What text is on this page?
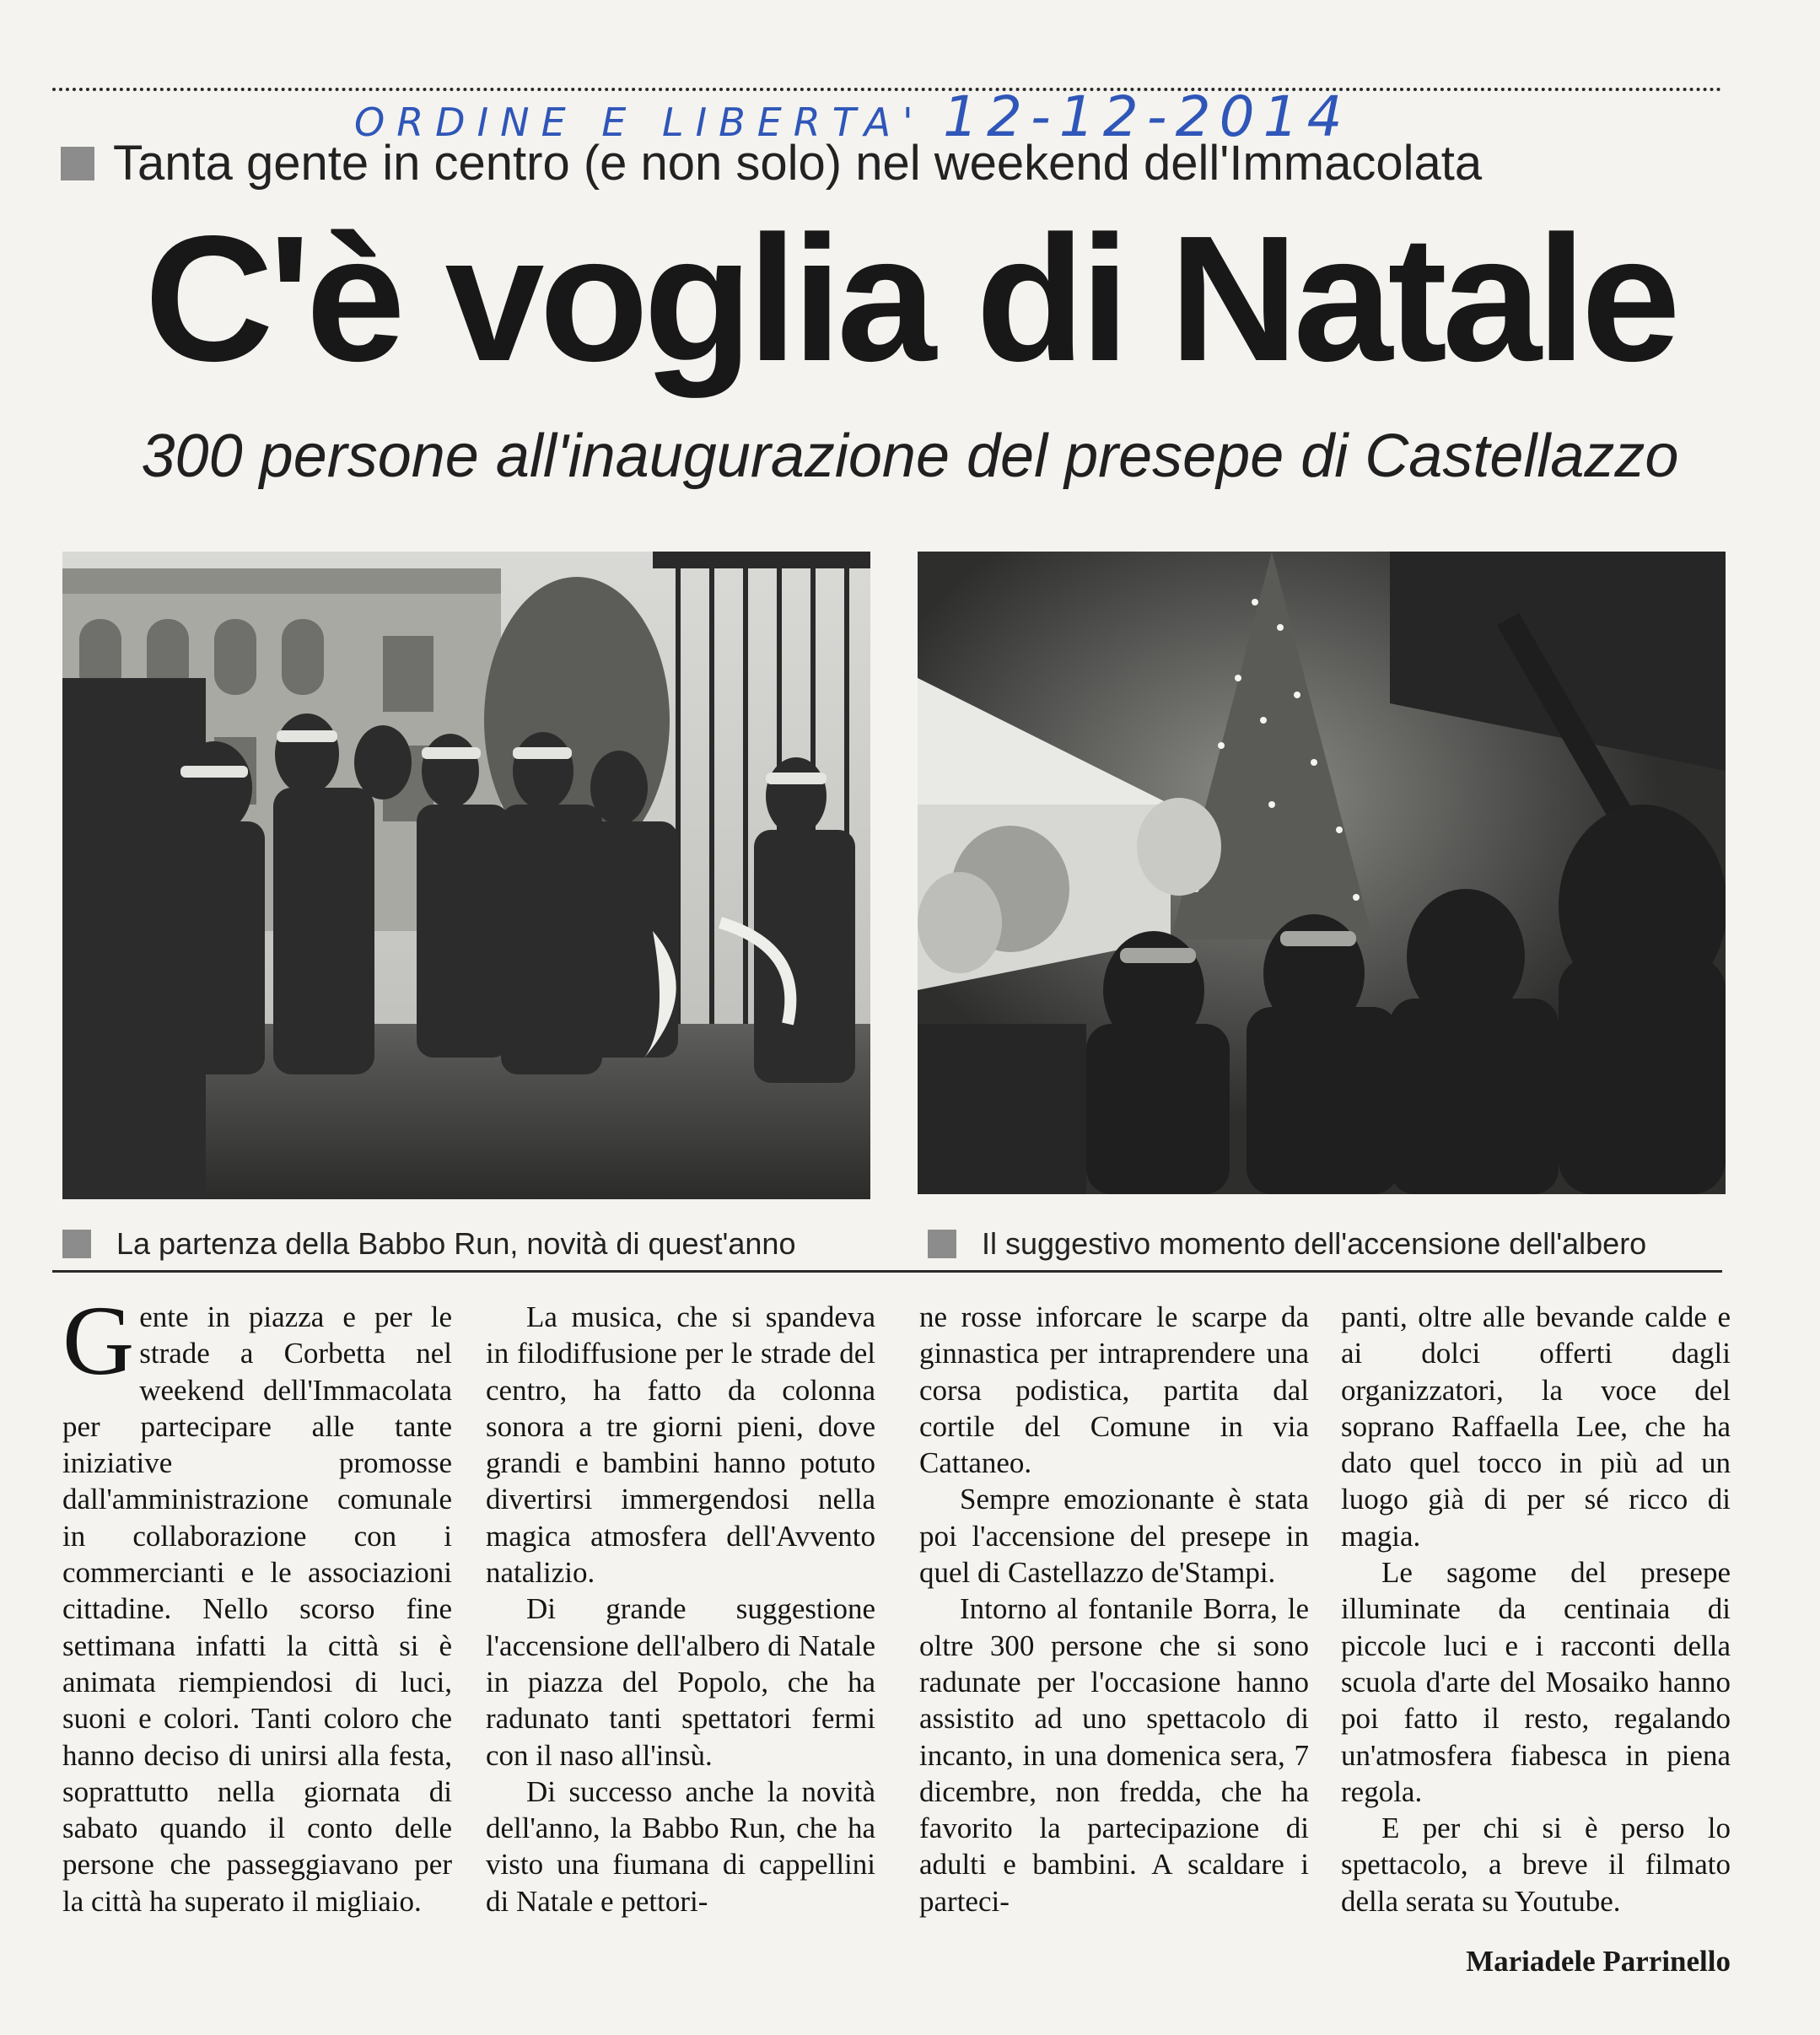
ORDINE E LIBERTA' 12-12-2014
Tanta gente in centro (e non solo) nel weekend dell'Immacolata
C'è voglia di Natale
300 persone all'inaugurazione del presepe di Castellazzo
La partenza della Babbo Run, novità di quest'anno	Il suggestivo momento dell'accensione dell'albero

Gente in piazza e per le strade a Corbetta nel weekend dell'Immacolata per partecipare alle tante iniziative promosse dall'amministrazione comunale in collaborazione con i commercianti e le associazioni cittadine. Nello scorso fine settimana infatti la città si è animata riempiendosi di luci, suoni e colori. Tanti coloro che hanno deciso di unirsi alla festa, soprattutto nella giornata di sabato quando il conto delle persone che passeggiavano per la città ha superato il migliaio.

La musica, che si spandeva in filodiffusione per le strade del centro, ha fatto da colonna sonora a tre giorni pieni, dove grandi e bambini hanno potuto divertirsi immergendosi nella magica atmosfera dell'Avvento natalizio.

Di grande suggestione l'accensione dell'albero di Natale in piazza del Popolo, che ha radunato tanti spettatori fermi con il naso all'insù.

Di successo anche la novità dell'anno, la Babbo Run, che ha visto una fiumana di cappellini di Natale e pettori-

ne rosse inforcare le scarpe da ginnastica per intraprendere una corsa podistica, partita dal cortile del Comune in via Cattaneo.

Sempre emozionante è stata poi l'accensione del presepe in quel di Castellazzo de'Stampi.

Intorno al fontanile Borra, le oltre 300 persone che si sono radunate per l'occasione hanno assistito ad uno spettacolo di incanto, in una domenica sera, 7 dicembre, non fredda, che ha favorito la partecipazione di adulti e bambini. A scaldare i parteci-

panti, oltre alle bevande calde e ai dolci offerti dagli organizzatori, la voce del soprano Raffaella Lee, che ha dato quel tocco in più ad un luogo già di per sé ricco di magia.

Le sagome del presepe illuminate da centinaia di piccole luci e i racconti della scuola d'arte del Mosaiko hanno poi fatto il resto, regalando un'atmosfera fiabesca in piena regola.

E per chi si è perso lo spettacolo, a breve il filmato della serata su Youtube.

Mariadele Parrinello
